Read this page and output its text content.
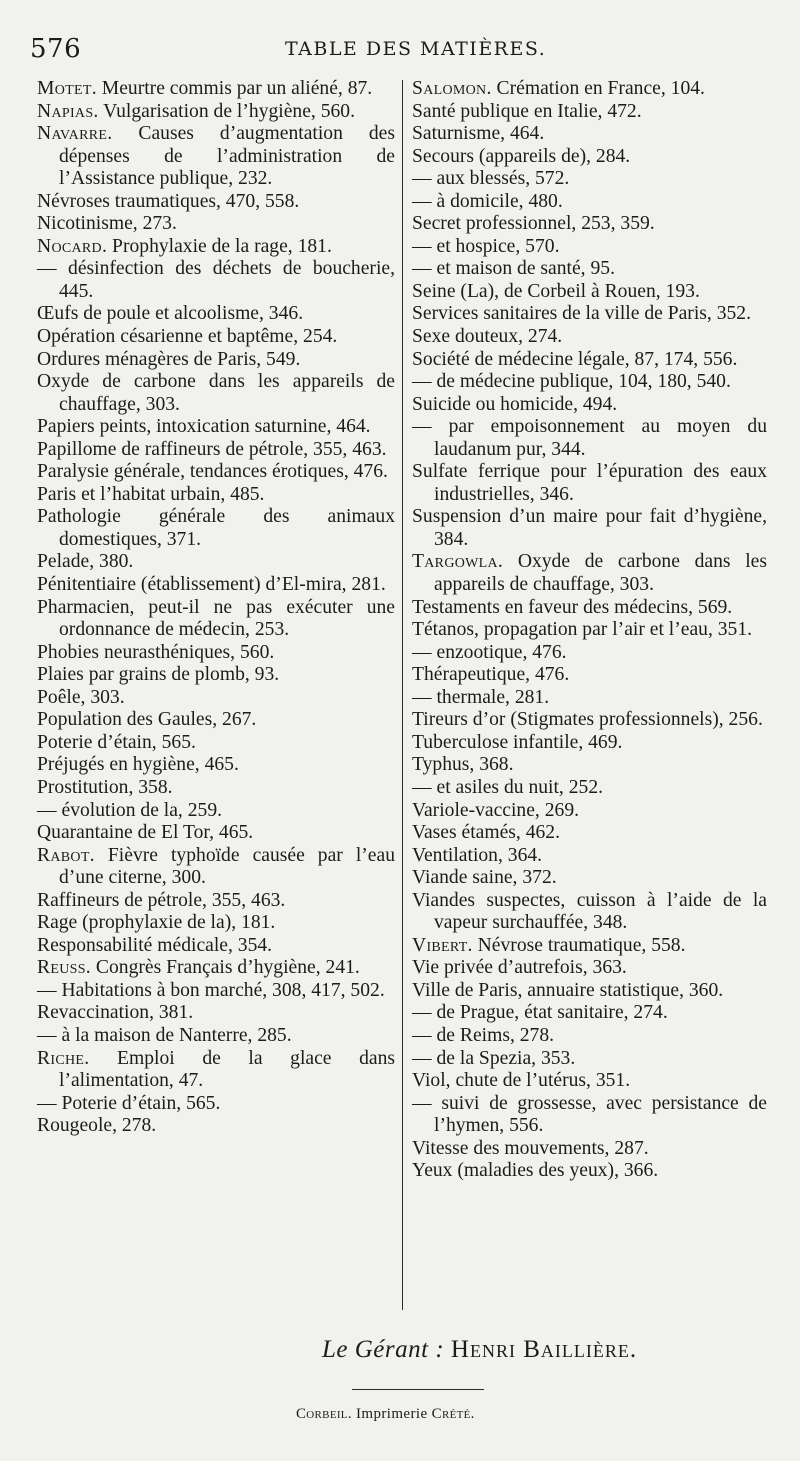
576	TABLE DES MATIÈRES.
Motet. Meurtre commis par un aliéné, 87.
Napias. Vulgarisation de l’hygiène, 560.
Navarre. Causes d’augmentation des dépenses de l’administration de l’Assistance publique, 232.
Névroses traumatiques, 470, 558.
Nicotinisme, 273.
Nocard. Prophylaxie de la rage, 181.
— désinfection des déchets de boucherie, 445.
Œufs de poule et alcoolisme, 346.
Opération césarienne et baptême, 254.
Ordures ménagères de Paris, 549.
Oxyde de carbone dans les appareils de chauffage, 303.
Papiers peints, intoxication saturnine, 464.
Papillome de raffineurs de pétrole, 355, 463.
Paralysie générale, tendances érotiques, 476.
Paris et l’habitat urbain, 485.
Pathologie générale des animaux domestiques, 371.
Pelade, 380.
Pénitentiaire (établissement) d’El-mira, 281.
Pharmacien, peut-il ne pas exécuter une ordonnance de médecin, 253.
Phobies neurasthéniques, 560.
Plaies par grains de plomb, 93.
Poêle, 303.
Population des Gaules, 267.
Poterie d’étain, 565.
Préjugés en hygiène, 465.
Prostitution, 358.
— évolution de la, 259.
Quarantaine de El Tor, 465.
Rabot. Fièvre typhoïde causée par l’eau d’une citerne, 300.
Raffineurs de pétrole, 355, 463.
Rage (prophylaxie de la), 181.
Responsabilité médicale, 354.
Reuss. Congrès Français d’hygiène, 241.
— Habitations à bon marché, 308, 417, 502.
Revaccination, 381.
— à la maison de Nanterre, 285.
Riche. Emploi de la glace dans l’alimentation, 47.
— Poterie d’étain, 565.
Rougeole, 278.
Salomon. Crémation en France, 104.
Santé publique en Italie, 472.
Saturnisme, 464.
Secours (appareils de), 284.
— aux blessés, 572.
— à domicile, 480.
Secret professionnel, 253, 359.
— et hospice, 570.
— et maison de santé, 95.
Seine (La), de Corbeil à Rouen, 193.
Services sanitaires de la ville de Paris, 352.
Sexe douteux, 274.
Société de médecine légale, 87, 174, 556.
— de médecine publique, 104, 180, 540.
Suicide ou homicide, 494.
— par empoisonnement au moyen du laudanum pur, 344.
Sulfate ferrique pour l’épuration des eaux industrielles, 346.
Suspension d’un maire pour fait d’hygiène, 384.
Targowla. Oxyde de carbone dans les appareils de chauffage, 303.
Testaments en faveur des médecins, 569.
Tétanos, propagation par l’air et l’eau, 351.
— enzootique, 476.
Thérapeutique, 476.
— thermale, 281.
Tireurs d’or (Stigmates professionnels), 256.
Tuberculose infantile, 469.
Typhus, 368.
— et asiles du nuit, 252.
Variole-vaccine, 269.
Vases étamés, 462.
Ventilation, 364.
Viande saine, 372.
Viandes suspectes, cuisson à l’aide de la vapeur surchauffée, 348.
Vibert. Névrose traumatique, 558.
Vie privée d’autrefois, 363.
Ville de Paris, annuaire statistique, 360.
— de Prague, état sanitaire, 274.
— de Reims, 278.
— de la Spezia, 353.
Viol, chute de l’utérus, 351.
— suivi de grossesse, avec persistance de l’hymen, 556.
Vitesse des mouvements, 287.
Yeux (maladies des yeux), 366.
Le Gérant : Henri Baillière.
Corbeil. Imprimerie Crété.
